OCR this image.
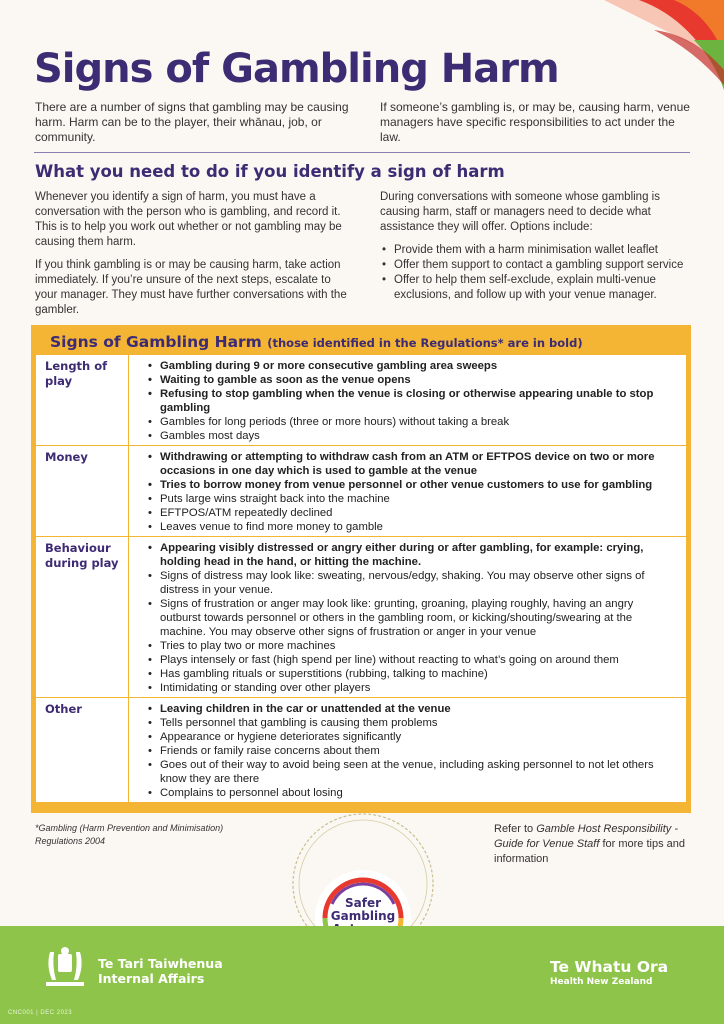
Signs of Gambling Harm

There are a number of signs that gambling may be causing harm. Harm can be to the player, their whānau, job, or community.

If someone’s gambling is, or may be, causing harm, venue managers have specific responsibilities to act under the law.

What you need to do if you identify a sign of harm

Whenever you identify a sign of harm, you must have a conversation with the person who is gambling, and record it. This is to help you work out whether or not gambling may be causing them harm.

If you think gambling is or may be causing harm, take action immediately. If you’re unsure of the next steps, escalate to your manager. They must have further conversations with the gambler.

During conversations with someone whose gambling is causing harm, staff or managers need to decide what assistance they will offer. Options include:

• Provide them with a harm minimisation wallet leaflet
• Offer them support to contact a gambling support service
• Offer to help them self-exclude, explain multi-venue exclusions, and follow up with your venue manager.
Signs of Gambling Harm (those identified in the Regulations* are in bold)
Length of play
• Gambling during 9 or more consecutive gambling area sweeps
• Waiting to gamble as soon as the venue opens
• Refusing to stop gambling when the venue is closing or otherwise appearing unable to stop gambling
• Gambles for long periods (three or more hours) without taking a break
• Gambles most days
Money	• Withdrawing or attempting to withdraw cash from an ATM or EFTPOS device on two or more occasions in one day which is used to gamble at the venue
• Tries to borrow money from venue personnel or other venue customers to use for gambling
• Puts large wins straight back into the machine
• EFTPOS/ATM repeatedly declined
• Leaves venue to find more money to gamble
Behaviour during play
• Appearing visibly distressed or angry either during or after gambling, for example: crying, holding head in the hand, or hitting the machine.
• Signs of distress may look like: sweating, nervous/edgy, shaking. You may observe other signs of distress in your venue.
• Signs of frustration or anger may look like: grunting, groaning, playing roughly, having an angry outburst towards personnel or others in the gambling room, or kicking/shouting/swearing at the machine. You may observe other signs of frustration or anger in your venue
• Tries to play two or more machines
• Plays intensely or fast (high spend per line) without reacting to what’s going on around them
• Has gambling rituals or superstitions (rubbing, talking to machine)
• Intimidating or standing over other players
Other	• Leaving children in the car or unattended at the venue
• Tells personnel that gambling is causing them problems
• Appearance or hygiene deteriorates significantly
• Friends or family raise concerns about them
• Goes out of their way to avoid being seen at the venue, including asking personnel to not let others know they are there
• Complains to personnel about losing

*Gambling (Harm Prevention and Minimisation) Regulations 2004

Refer to Gamble Host Responsibility - Guide for Venue Staff for more tips and information

Safer
Gambling
Te Tari Taiwhenua
Internal Affairs
CNC001 | DEC 2023
Te Whatu Ora
Health New Zealand
